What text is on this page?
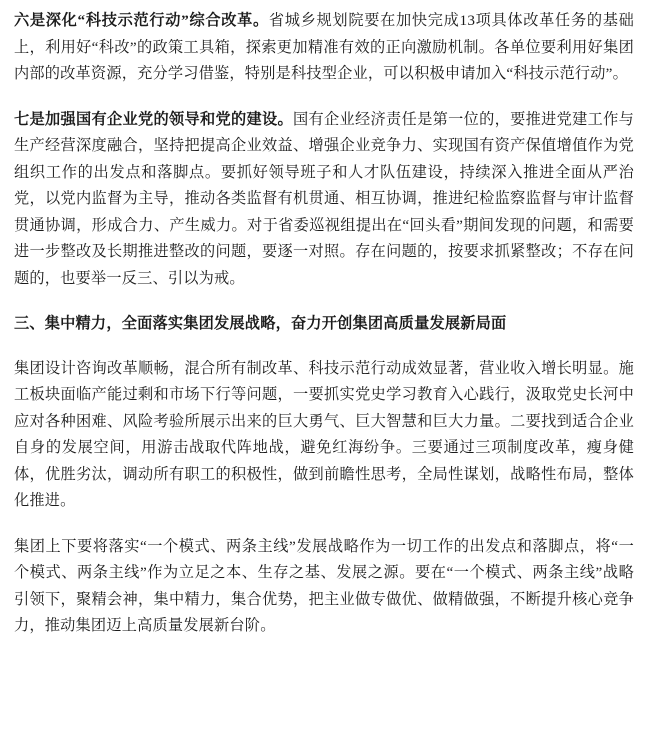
六是深化“科技示范行动”综合改革。省城乡规划院要在加快完成13项具体改革任务的基础上，利用好“科改”的政策工具箱，探索更加精准有效的正向激励机制。各单位要利用好集团内部的改革资源，充分学习借鉴，特别是科技型企业，可以积极申请加入“科技示范行动”。

七是加强国有企业党的领导和党的建设。国有企业经济责任是第一位的，要推进党建工作与生产经营深度融合，坚持把提高企业效益、增强企业竞争力、实现国有资产保值增值作为党组织工作的出发点和落脚点。要抓好领导班子和人才队伍建设，持续深入推进全面从严治党，以党内监督为主导，推动各类监督有机贯通、相互协调，推进纪检监察监督与审计监督贯通协调，形成合力、产生威力。对于省委巡视组提出在“回头看”期间发现的问题，和需要进一步整改及长期推进整改的问题，要逐一对照。存在问题的，按要求抓紧整改；不存在问题的，也要举一反三、引以为戒。

三、集中精力，全面落实集团发展战略，奋力开创集团高质量发展新局面

集团设计咨询改革顺畅，混合所有制改革、科技示范行动成效显著，营业收入增长明显。施工板块面临产能过剩和市场下行等问题，一要抓实党史学习教育入心践行，汲取党史长河中应对各种困难、风险考验所展示出来的巨大勇气、巨大智慧和巨大力量。二要找到适合企业自身的发展空间，用游击战取代阵地战，避免红海纷争。三要通过三项制度改革，瘦身健体，优胜劣汰，调动所有职工的积极性，做到前瞻性思考，全局性谋划，战略性布局，整体化推进。

集团上下要将落实“一个模式、两条主线”发展战略作为一切工作的出发点和落脚点，将“一个模式、两条主线”作为立足之本、生存之基、发展之源。要在“一个模式、两条主线”战略引领下，聚精会神，集中精力，集合优势，把主业做专做优、做精做强，不断提升核心竞争力，推动集团迈上高质量发展新台阶。
